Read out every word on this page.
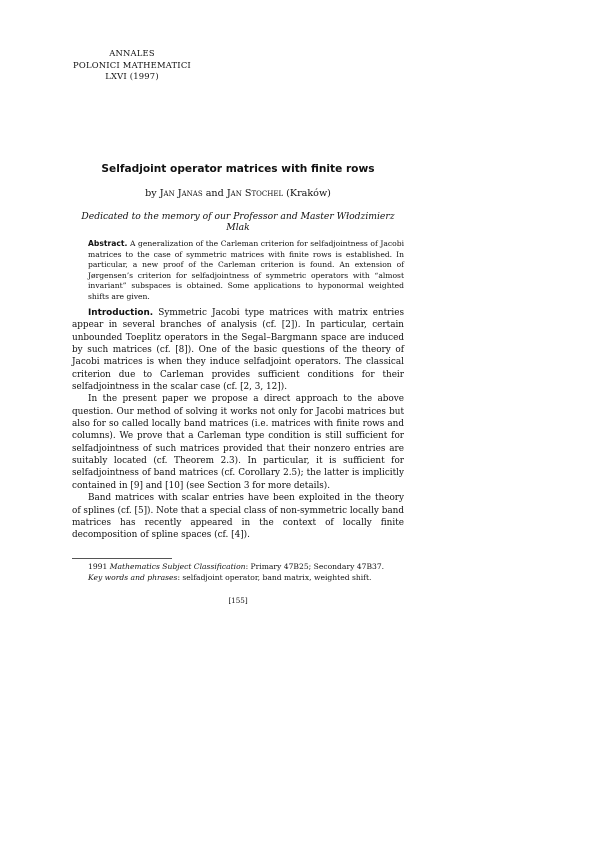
ANNALES
POLONICI MATHEMATICI
LXVI (1997)
Selfadjoint operator matrices with finite rows
by Jan Janas and Jan Stochel (Kraków)
Dedicated to the memory of our Professor and Master Włodzimierz Mlak
Abstract. A generalization of the Carleman criterion for selfadjointness of Jacobi matrices to the case of symmetric matrices with finite rows is established. In particular, a new proof of the Carleman criterion is found. An extension of Jørgensen’s criterion for selfadjointness of symmetric operators with “almost invariant” subspaces is obtained. Some applications to hyponormal weighted shifts are given.

Introduction. Symmetric Jacobi type matrices with matrix entries appear in several branches of analysis (cf. [2]). In particular, certain unbounded Toeplitz operators in the Segal–Bargmann space are induced by such matrices (cf. [8]). One of the basic questions of the theory of Jacobi matrices is when they induce selfadjoint operators. The classical criterion due to Carleman provides sufficient conditions for their selfadjointness in the scalar case (cf. [2, 3, 12]).

In the present paper we propose a direct approach to the above question. Our method of solving it works not only for Jacobi matrices but also for so called locally band matrices (i.e. matrices with finite rows and columns). We prove that a Carleman type condition is still sufficient for selfadjointness of such matrices provided that their nonzero entries are suitably located (cf. Theorem 2.3). In particular, it is sufficient for selfadjointness of band matrices (cf. Corollary 2.5); the latter is implicitly contained in [9] and [10] (see Section 3 for more details).

Band matrices with scalar entries have been exploited in the theory of splines (cf. [5]). Note that a special class of non-symmetric locally band matrices has recently appeared in the context of locally finite decomposition of spline spaces (cf. [4]).

1991 Mathematics Subject Classification: Primary 47B25; Secondary 47B37.
Key words and phrases: selfadjoint operator, band matrix, weighted shift.
[155]
